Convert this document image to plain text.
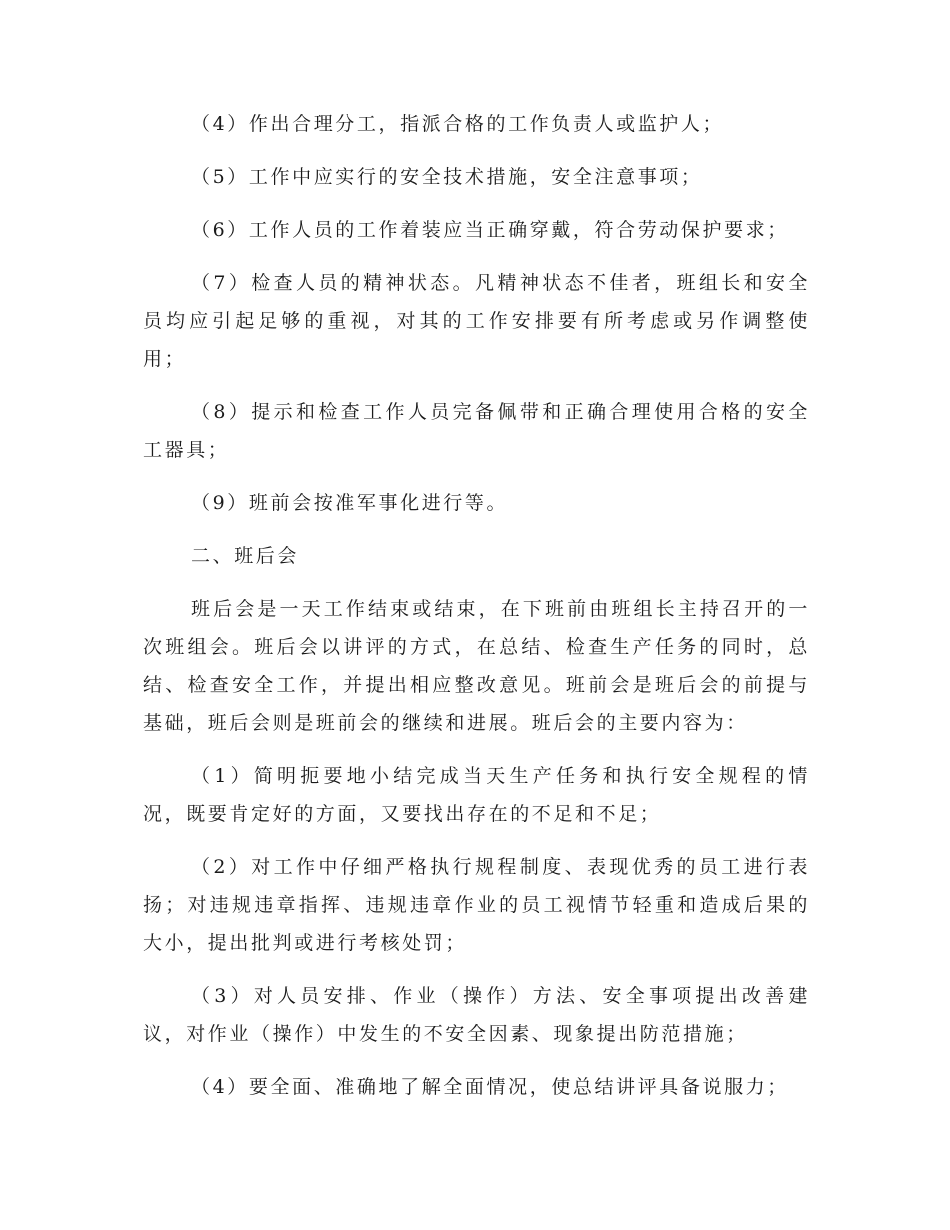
（4）作出合理分工，指派合格的工作负责人或监护人；

（5）工作中应实行的安全技术措施，安全注意事项；

（6）工作人员的工作着装应当正确穿戴，符合劳动保护要求；

（7）检查人员的精神状态。凡精神状态不佳者，班组长和安全员均应引起足够的重视，对其的工作安排要有所考虑或另作调整使用；

（8）提示和检查工作人员完备佩带和正确合理使用合格的安全工器具；

（9）班前会按准军事化进行等。

二、班后会

班后会是一天工作结束或结束，在下班前由班组长主持召开的一次班组会。班后会以讲评的方式，在总结、检查生产任务的同时，总结、检查安全工作，并提出相应整改意见。班前会是班后会的前提与基础，班后会则是班前会的继续和进展。班后会的主要内容为：

（1）简明扼要地小结完成当天生产任务和执行安全规程的情况，既要肯定好的方面，又要找出存在的不足和不足；

（2）对工作中仔细严格执行规程制度、表现优秀的员工进行表扬；对违规违章指挥、违规违章作业的员工视情节轻重和造成后果的大小，提出批判或进行考核处罚；

（3）对人员安排、作业（操作）方法、安全事项提出改善建议，对作业（操作）中发生的不安全因素、现象提出防范措施；

（4）要全面、准确地了解全面情况，使总结讲评具备说服力；
